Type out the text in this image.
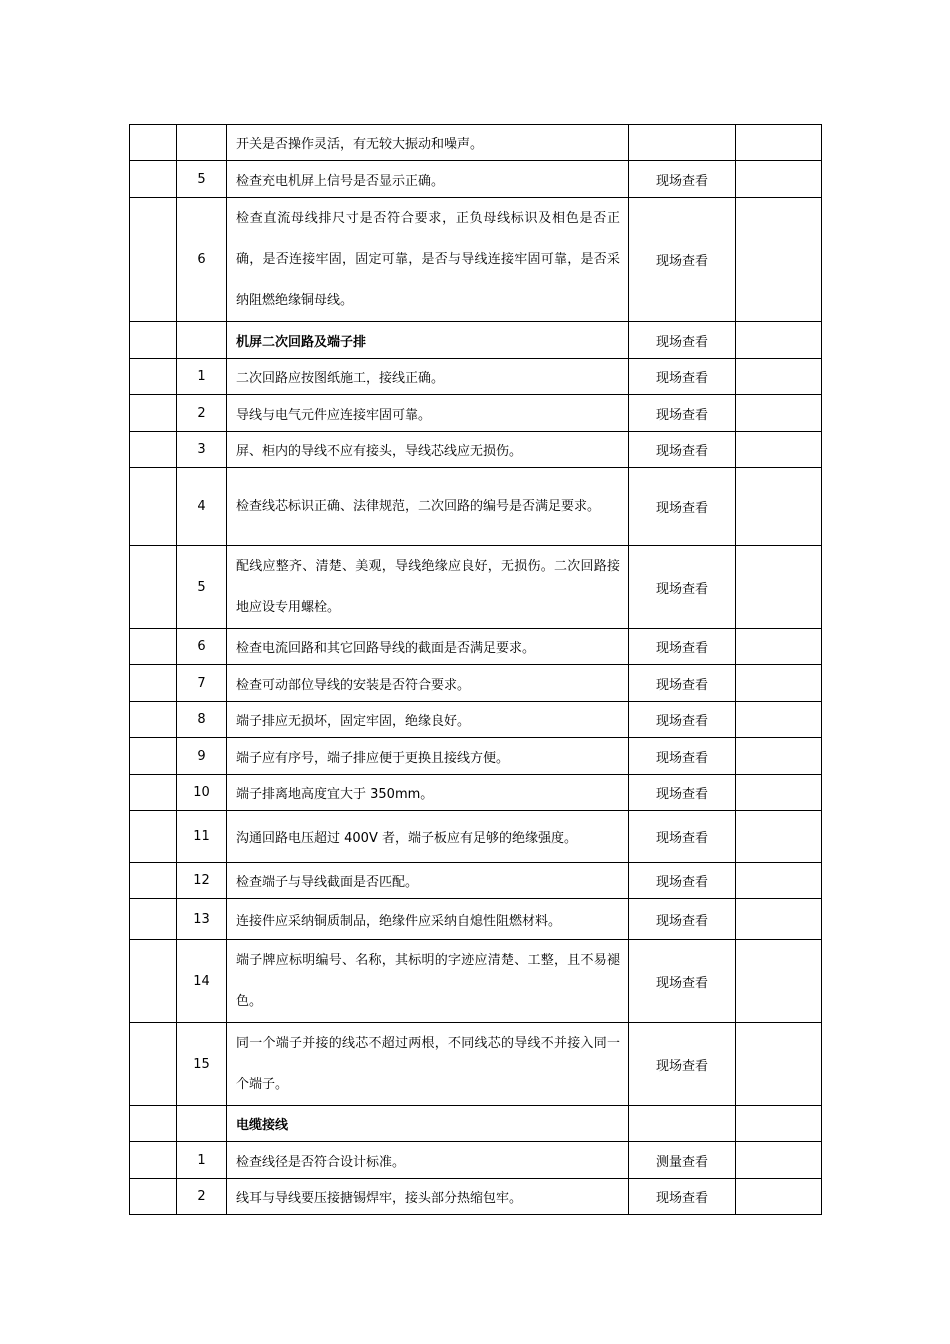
		开关是否操作灵活，有无较大振动和噪声。		
	5	检查充电机屏上信号是否显示正确。	现场查看	
	6	检查直流母线排尺寸是否符合要求，正负母线标识及相色是否正确，是否连接牢固，固定可靠，是否与导线连接牢固可靠，是否采纳阻燃绝缘铜母线。	现场查看	
		机屏二次回路及端子排	现场查看	
	1	二次回路应按图纸施工，接线正确。	现场查看	
	2	导线与电气元件应连接牢固可靠。	现场查看	
	3	屏、柜内的导线不应有接头，导线芯线应无损伤。	现场查看	
	4	检查线芯标识正确、法律规范，二次回路的编号是否满足要求。	现场查看	
	5	配线应整齐、清楚、美观，导线绝缘应良好，无损伤。二次回路接地应设专用螺栓。	现场查看	
	6	检查电流回路和其它回路导线的截面是否满足要求。	现场查看	
	7	检查可动部位导线的安装是否符合要求。	现场查看	
	8	端子排应无损坏，固定牢固，绝缘良好。	现场查看	
	9	端子应有序号，端子排应便于更换且接线方便。	现场查看	
	10	端子排离地高度宜大于 350mm。	现场查看	
	11	沟通回路电压超过 400V 者，端子板应有足够的绝缘强度。	现场查看	
	12	检查端子与导线截面是否匹配。	现场查看	
	13	连接件应采纳铜质制品，绝缘件应采纳自熄性阻燃材料。	现场查看	
	14	端子牌应标明编号、名称，其标明的字迹应清楚、工整，且不易褪色。	现场查看	
	15	同一个端子并接的线芯不超过两根，不同线芯的导线不并接入同一个端子。	现场查看	
		电缆接线		
	1	检查线径是否符合设计标准。	测量查看	
	2	线耳与导线要压接搪锡焊牢，接头部分热缩包牢。	现场查看	
